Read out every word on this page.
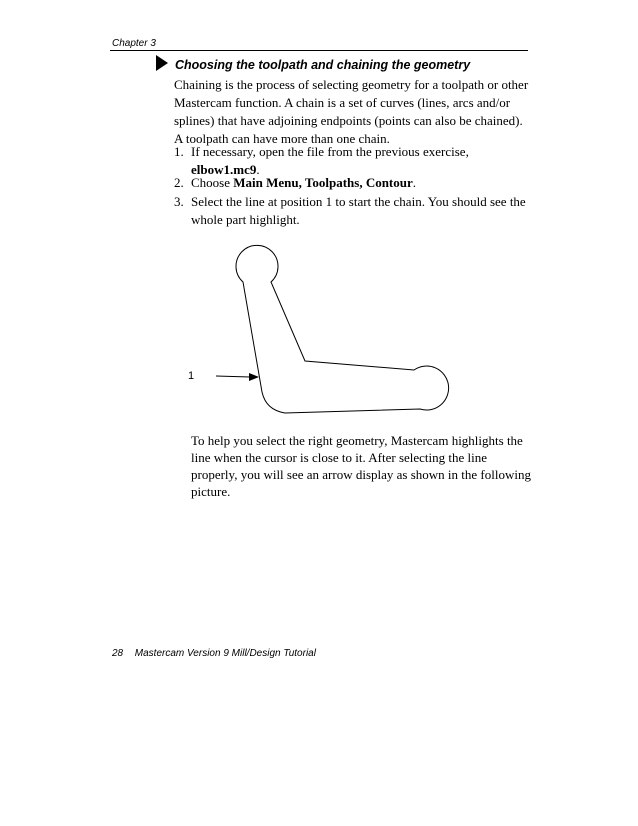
Chapter 3
Choosing the toolpath and chaining the geometry
Chaining is the process of selecting geometry for a toolpath or other Mastercam function. A chain is a set of curves (lines, arcs and/or splines) that have adjoining endpoints (points can also be chained). A toolpath can have more than one chain.
1. If necessary, open the file from the previous exercise, elbow1.mc9.
2. Choose Main Menu, Toolpaths, Contour.
3. Select the line at position 1 to start the chain. You should see the whole part highlight.
1
To help you select the right geometry, Mastercam highlights the line when the cursor is close to it. After selecting the line properly, you will see an arrow display as shown in the following picture.
28 Mastercam Version 9 Mill/Design Tutorial
